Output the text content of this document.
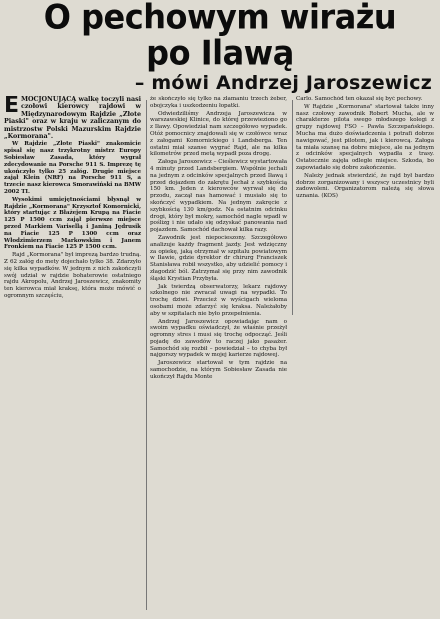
O pechowym wirażu
po Ilawą
– mówi Andrzej Jaroszewicz

EMOCJONUJĄCĄ walkę toczyli nasi czołowi kierowcy rajdowi w Międzynarodowym Rajdzie „Złote Piaski" oraz w kraju w zaliczanym do mistrzostw Polski Mazurskim Rajdzie „Kormorana".

W Rajdzie „Złote Piaski" znakomicie spisał się nasz trzykrotny mistrz Europy Sobiesław Zasada, który wygrał zdecydowanie na Porsche 911 S. Imprezę tę ukończyło tylko 25 załóg. Drugie miejsce zajął Klein (NRF) na Porsche 911 S, a trzecie nasz kierowca Smorawiński na BMW 2002 TI.

Wysokimi umiejętnościami błysnął w Rajdzie „Kormorana" Krzysztof Komornicki, który startując z Błażejem Krupą na Fiacie 125 P 1500 ccm zajął pierwsze miejsce przed Markiem Varisellą i Janiną Jędrusik na Fiacie 125 P 1300 ccm oraz Włodzimierzem Markowskim i Janem Fronkiem na Fiacie 125 P 1500 ccm.

Rajd „Kormorana" był imprezą bardzo trudną. Z 62 załóg do mety dojechało tylko 38. Zdarzyło się kilka wypadków. W jednym z nich zakończyli swój udział w rajdzie bohaterowie ostatniego rajdu Akropolu, Andrzej Jaroszewicz, znakomity ten kierowca miał kraksę, która może mówić o ogromnym szczęściu,

że skończyło się tylko na złamaniu trzech żeber, obojczyka i uszkodzeniu łopatki.

Odwiedziliśmy Andrzeja Jaroszewicza w warszawskiej Klinice, do której przewieziono go z Iławy. Opowiedział nam szczegółowo wypadek. Otóż pomocnicy znajdowali się w czołówce wraz z załogami Komornickiego i Landsberga. Ten ostatni miał szanse wygrać Rajd, ale na kilka kilometrów przed metą wypadł poza drogę.

Załoga Jaroszewicz – Cieślewicz wystartowała 4 minuty przed Landsbergiem. Wspólnie jechali na jednym z odcinków specjalnych przed Iławą i przed dojazdem do zakrętu Jechał z szybkością 150 km. Jeden z kierowców wyrwał się do przodu, zaczął nas hamować i musiało się to skończyć wypadkiem. Na jednym zakręcie z szybkością 130 km/godz. Na ostatnim odcinku drogi, który był mokry, samochód nagle wpadł w poślizg i nie udało się odzyskać panowania nad pojazdem. Samochód dachował kilka razy.

Zawodnik jest niepocieszony. Szczegółowo analizuje każdy fragment jazdy. Jest wdzięczny za opiekę, jaką otrzymał w szpitalu powiatowym w Iławie, gdzie dyrektor dr chirurg Franciszek Stanisława robił wszystko, aby udzielić pomocy i złagodzić ból. Zatrzymał się przy nim zawodnik śląski Krystian Przybyła.

Jak twierdzą obserwatorzy, lekarz rajdowy szkolnego nie zwracał uwagi na wypadki. To trochę dziwi. Przecież w wyścigach wieloma osobami może zdarzyć się kraksa. Należałoby aby w szpitalach nie było przepełnienia.

Andrzej Jaroszewicz opowiadając nam o swoim wypadku oświadczył, że właśnie przeżył ogromny stres i musi się trochę odpocząć. Jeśli pojadę do zawodów to raczej jako pasażer. Samochód się rozbił – powiedział – to chyba był najgorszy wypadek w mojej karierze rajdowej.

Jaroszewicz startował w tym rajdzie na samochodzie, na którym Sobiesław Zasada nie ukończył Rajdu Monte

Carlo. Samochód ten okazał się być pechowy.

W Rajdzie „Kormorana" startował także inny nasz czołowy zawodnik Robert Mucha, ale w charakterze pilota swego młodszego kolegi z grupy rajdowej FSO – Pawła Szczepańskiego. Mucha ma dużo doświadczenia i potrafi dobrze nawigować, jest pilotem, jak i kierowcą. Załoga ta miała szansę na dobre miejsce, ale na jednym z odcinków specjalnych wypadła z trasy. Ostatecznie zajęła odległe miejsce. Szkoda, bo zapowiadało się dobre zakończenie.

Należy jednak stwierdzić, że rajd był bardzo dobrze zorganizowany i wszyscy uczestnicy byli zadowoleni. Organizatorom należą się słowa uznania. (KOS)
